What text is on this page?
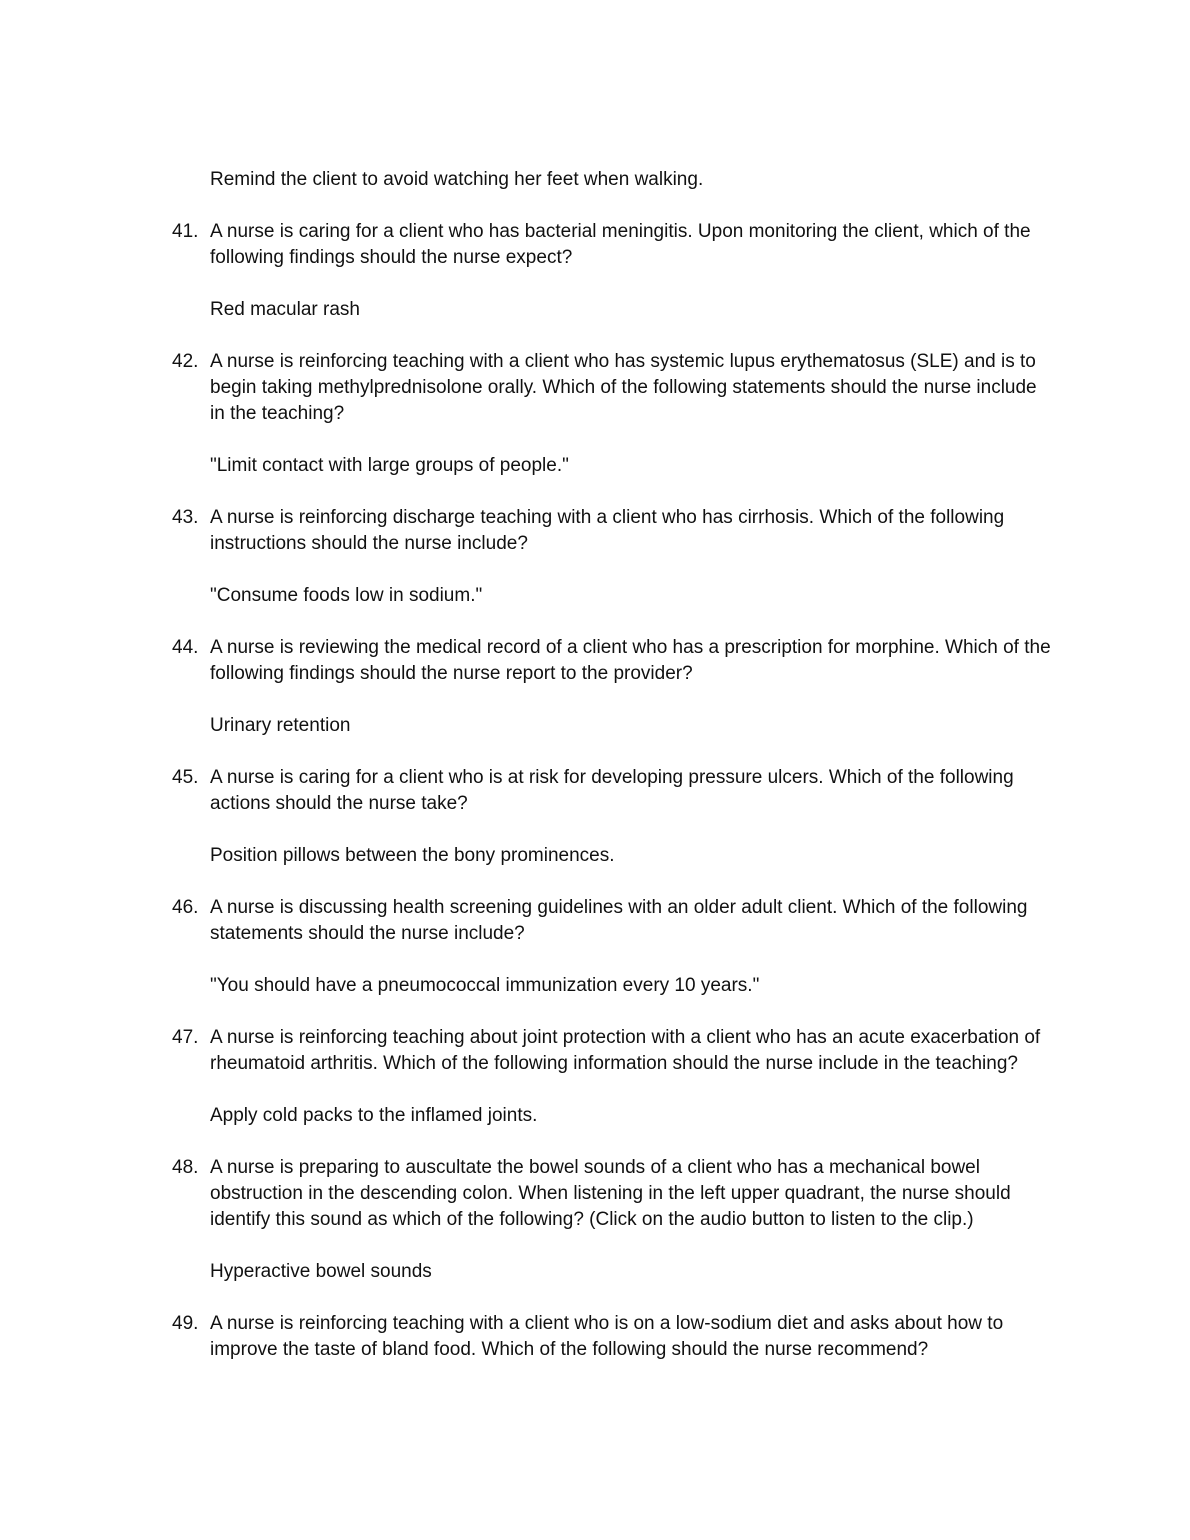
Remind the client to avoid watching her feet when walking.
41. A nurse is caring for a client who has bacterial meningitis. Upon monitoring the client, which of the following findings should the nurse expect?
Red macular rash
42. A nurse is reinforcing teaching with a client who has systemic lupus erythematosus (SLE) and is to begin taking methylprednisolone orally. Which of the following statements should the nurse include in the teaching?
"Limit contact with large groups of people."
43. A nurse is reinforcing discharge teaching with a client who has cirrhosis. Which of the following instructions should the nurse include?
"Consume foods low in sodium."
44. A nurse is reviewing the medical record of a client who has a prescription for morphine. Which of the following findings should the nurse report to the provider?
Urinary retention
45. A nurse is caring for a client who is at risk for developing pressure ulcers. Which of the following actions should the nurse take?
Position pillows between the bony prominences.
46. A nurse is discussing health screening guidelines with an older adult client. Which of the following statements should the nurse include?
"You should have a pneumococcal immunization every 10 years."
47. A nurse is reinforcing teaching about joint protection with a client who has an acute exacerbation of rheumatoid arthritis. Which of the following information should the nurse include in the teaching?
Apply cold packs to the inflamed joints.
48. A nurse is preparing to auscultate the bowel sounds of a client who has a mechanical bowel obstruction in the descending colon. When listening in the left upper quadrant, the nurse should identify this sound as which of the following? (Click on the audio button to listen to the clip.)
Hyperactive bowel sounds
49. A nurse is reinforcing teaching with a client who is on a low-sodium diet and asks about how to improve the taste of bland food. Which of the following should the nurse recommend?
